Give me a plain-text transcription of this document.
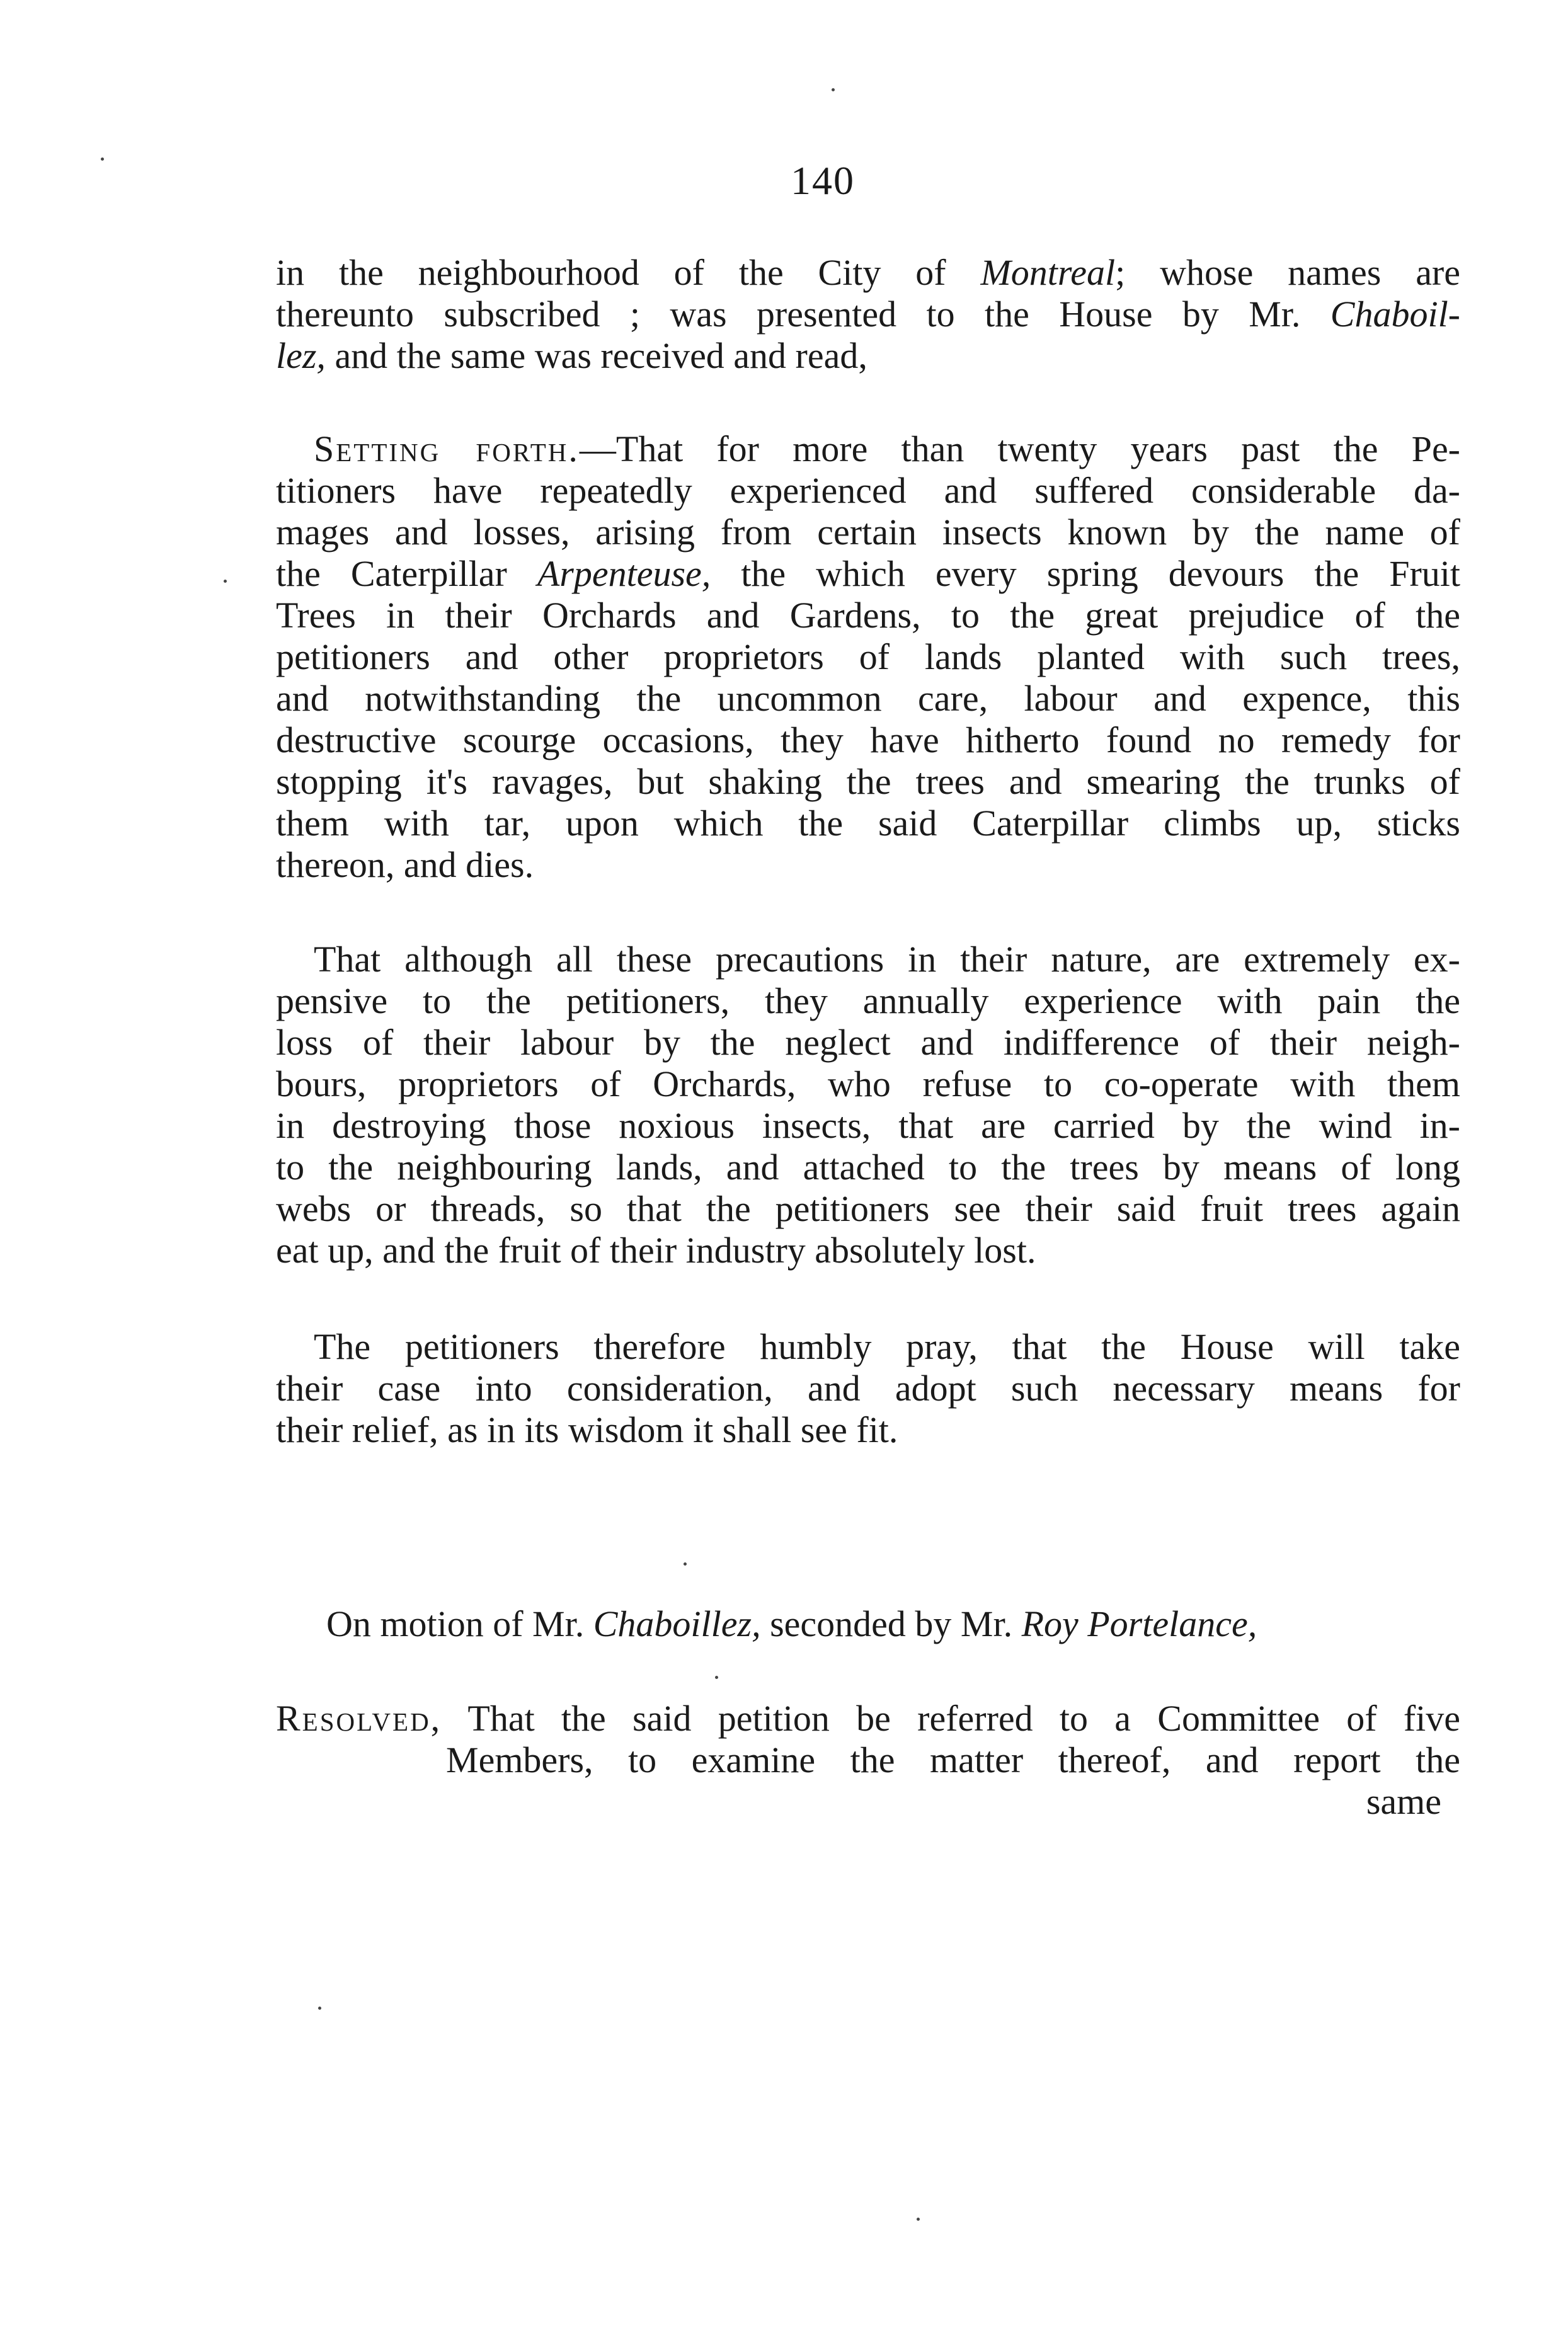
140
in the neighbourhood of the City of Montreal; whose names are
thereunto subscribed ; was presented to the House by Mr. Chaboil-
lez, and the same was received and read,
Setting forth.—That for more than twenty years past the Pe-
titioners have repeatedly experienced and suffered considerable da-
mages and losses, arising from certain insects known by the name of
the Caterpillar Arpenteuse, the which every spring devours the Fruit
Trees in their Orchards and Gardens, to the great prejudice of the
petitioners and other proprietors of lands planted with such trees,
and notwithstanding the uncommon care, labour and expence, this
destructive scourge occasions, they have hitherto found no remedy for
stopping it's ravages, but shaking the trees and smearing the trunks of
them with tar, upon which the said Caterpillar climbs up, sticks
thereon, and dies.
That although all these precautions in their nature, are extremely ex-
pensive to the petitioners, they annually experience with pain the
loss of their labour by the neglect and indifference of their neigh-
bours, proprietors of Orchards, who refuse to co-operate with them
in destroying those noxious insects, that are carried by the wind in-
to the neighbouring lands, and attached to the trees by means of long
webs or threads, so that the petitioners see their said fruit trees again
eat up, and the fruit of their industry absolutely lost.
The petitioners therefore humbly pray, that the House will take
their case into consideration, and adopt such necessary means for
their relief, as in its wisdom it shall see fit.
On motion of Mr. Chaboillez, seconded by Mr. Roy Portelance,
Resolved, That the said petition be referred to a Committee of five
Members, to examine the matter thereof, and report the
same
